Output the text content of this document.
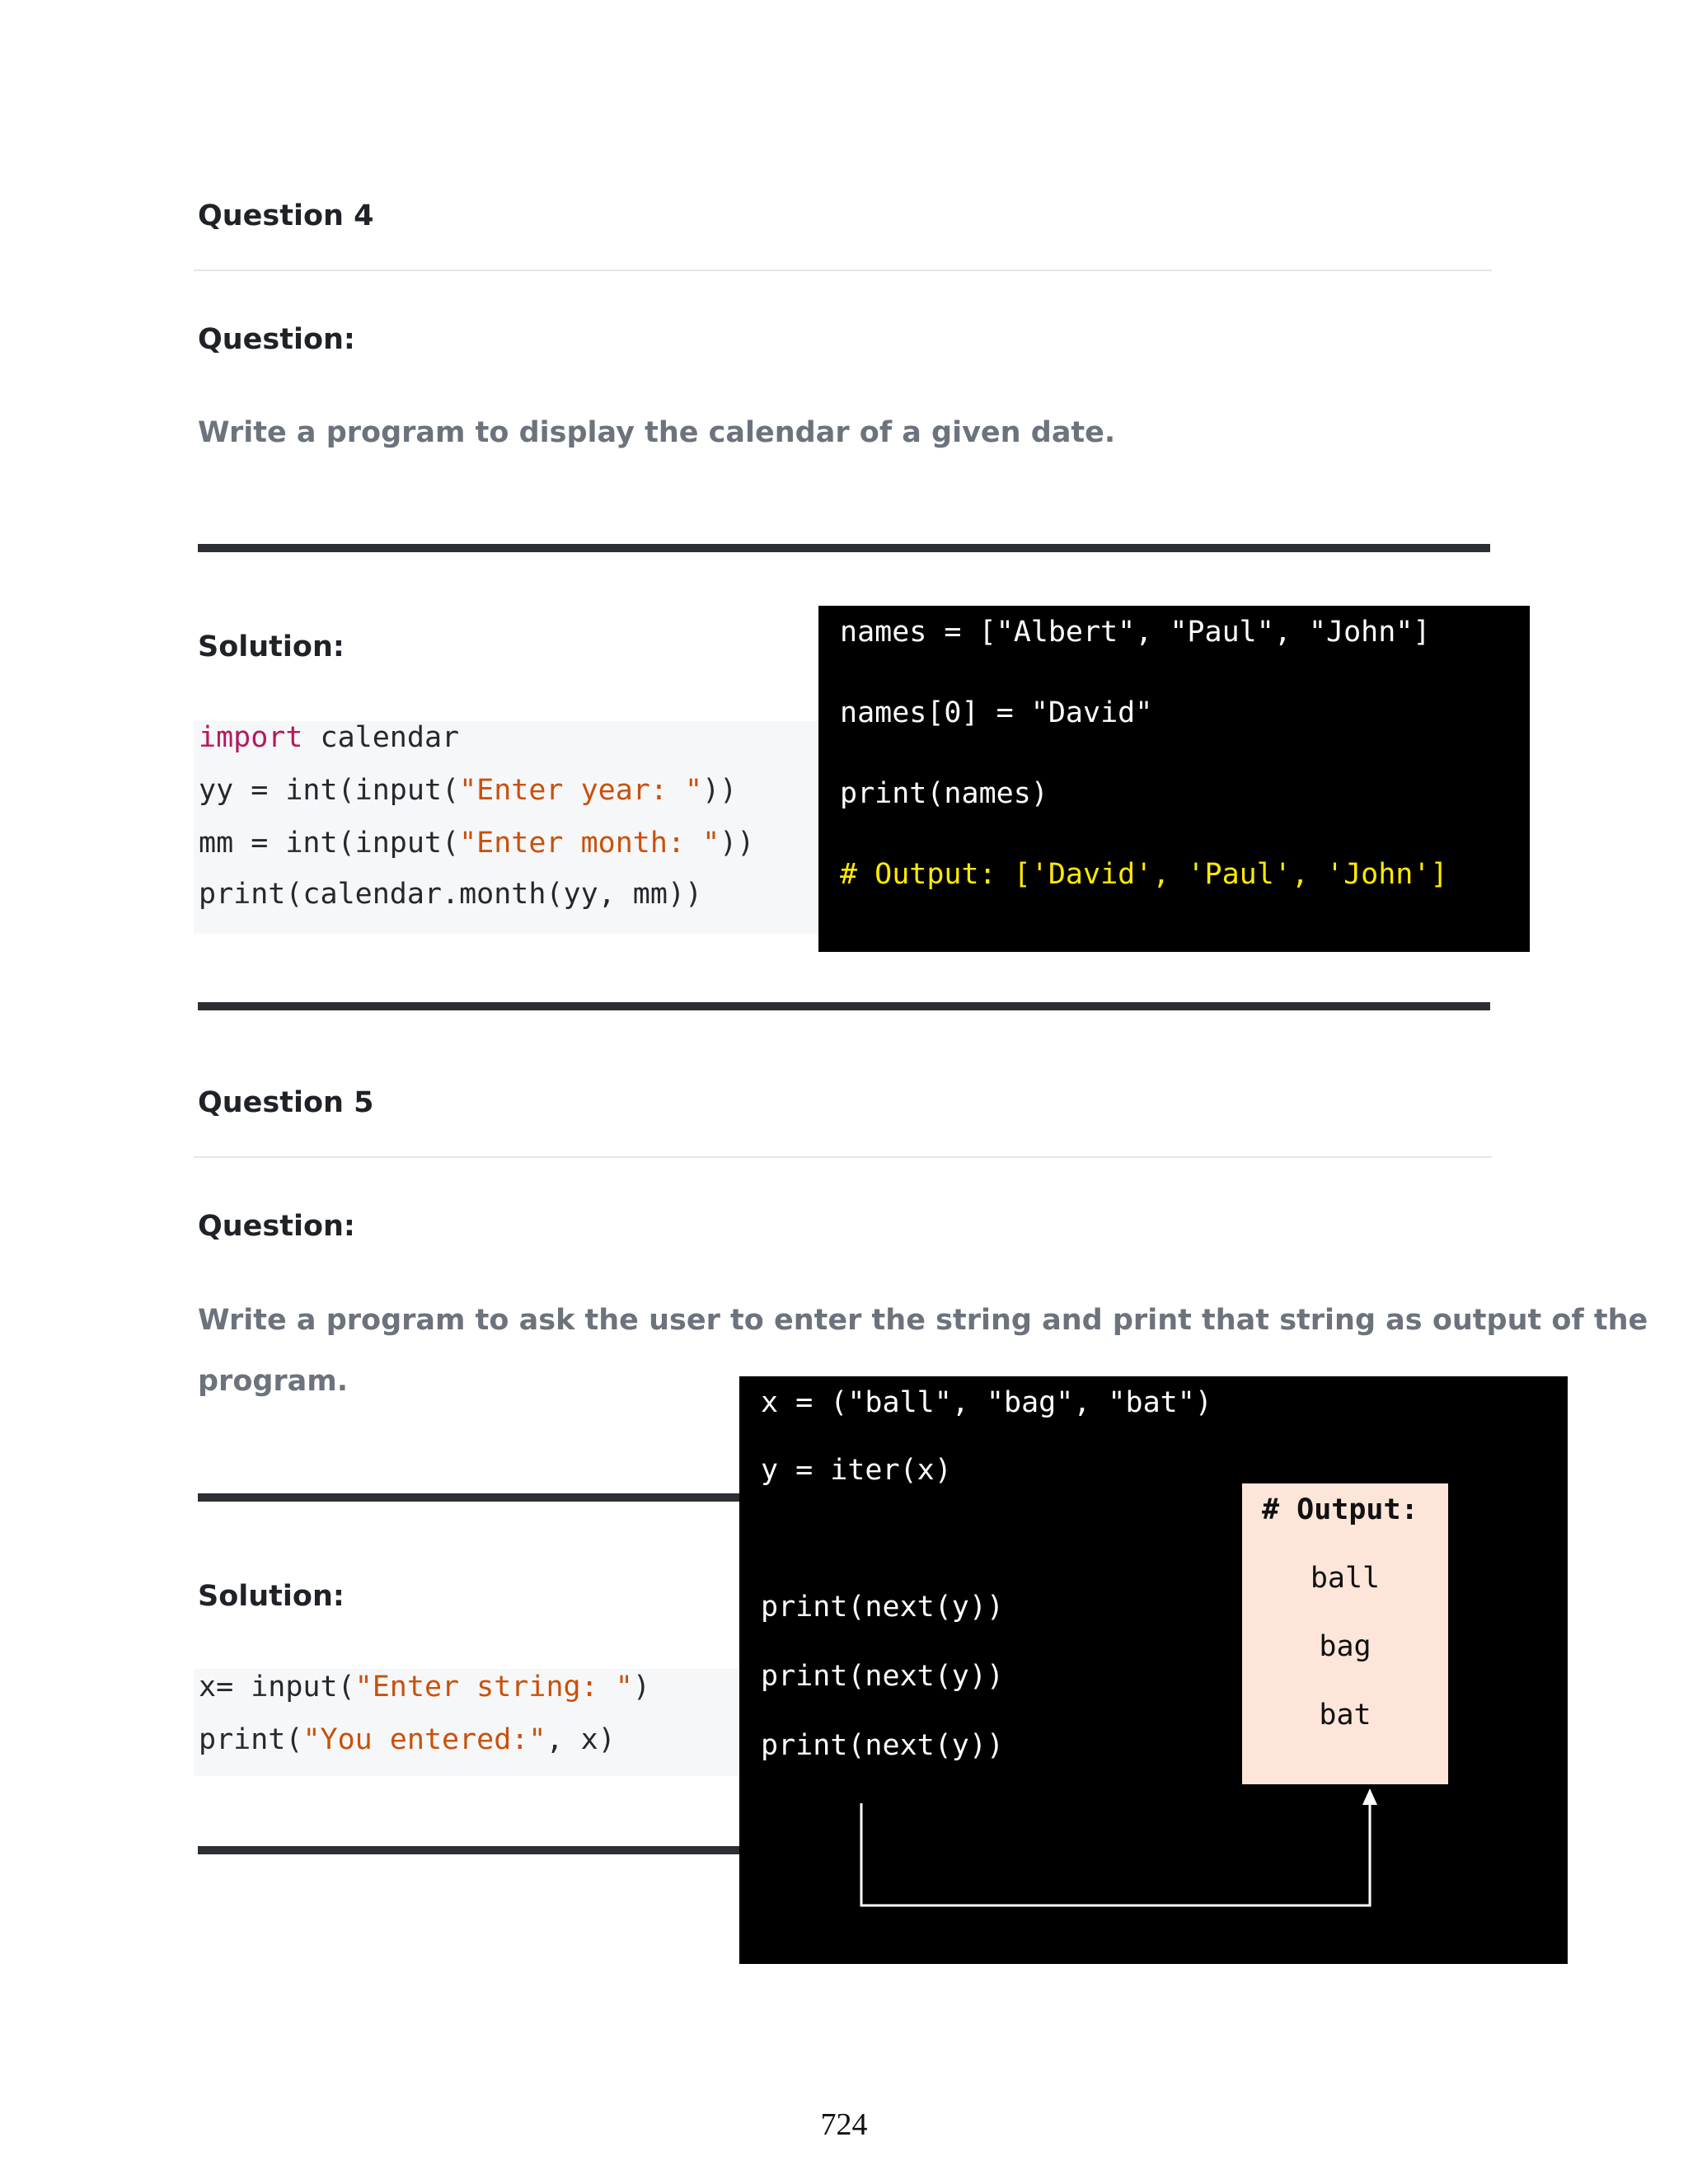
Question 4
Question:
Write a program to display the calendar of a given date.
Solution:
import calendar
yy = int(input("Enter year: "))
mm = int(input("Enter month: "))
print(calendar.month(yy, mm))
names = ["Albert", "Paul", "John"]
names[0] = "David"
print(names)
# Output: ['David', 'Paul', 'John']
Question 5
Question:
Write a program to ask the user to enter the string and print that string as output of the
program.
Solution:
x= input("Enter string: ")
print("You entered:", x)
x = ("ball", "bag", "bat")
y = iter(x)
print(next(y))
print(next(y))
print(next(y))
# Output:
ball
bag
bat
724
